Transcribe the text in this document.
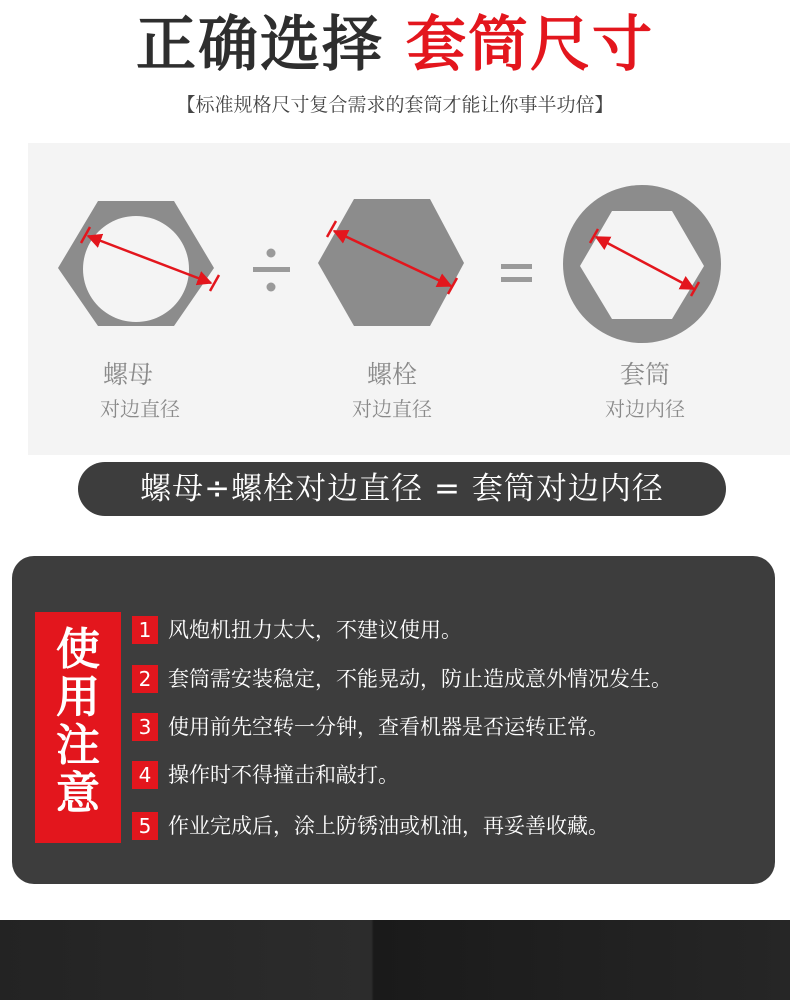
正确选择 套筒尺寸
【标准规格尺寸复合需求的套筒才能让你事半功倍】
螺母
对边直径
螺栓
对边直径
套筒
对边内径
螺母÷螺栓对边直径 = 套筒对边内径
使
用
注
意
1 风炮机扭力太大，不建议使用。
2 套筒需安装稳定，不能晃动，防止造成意外情况发生。
3 使用前先空转一分钟，查看机器是否运转正常。
4 操作时不得撞击和敲打。
5 作业完成后，涂上防锈油或机油，再妥善收藏。
